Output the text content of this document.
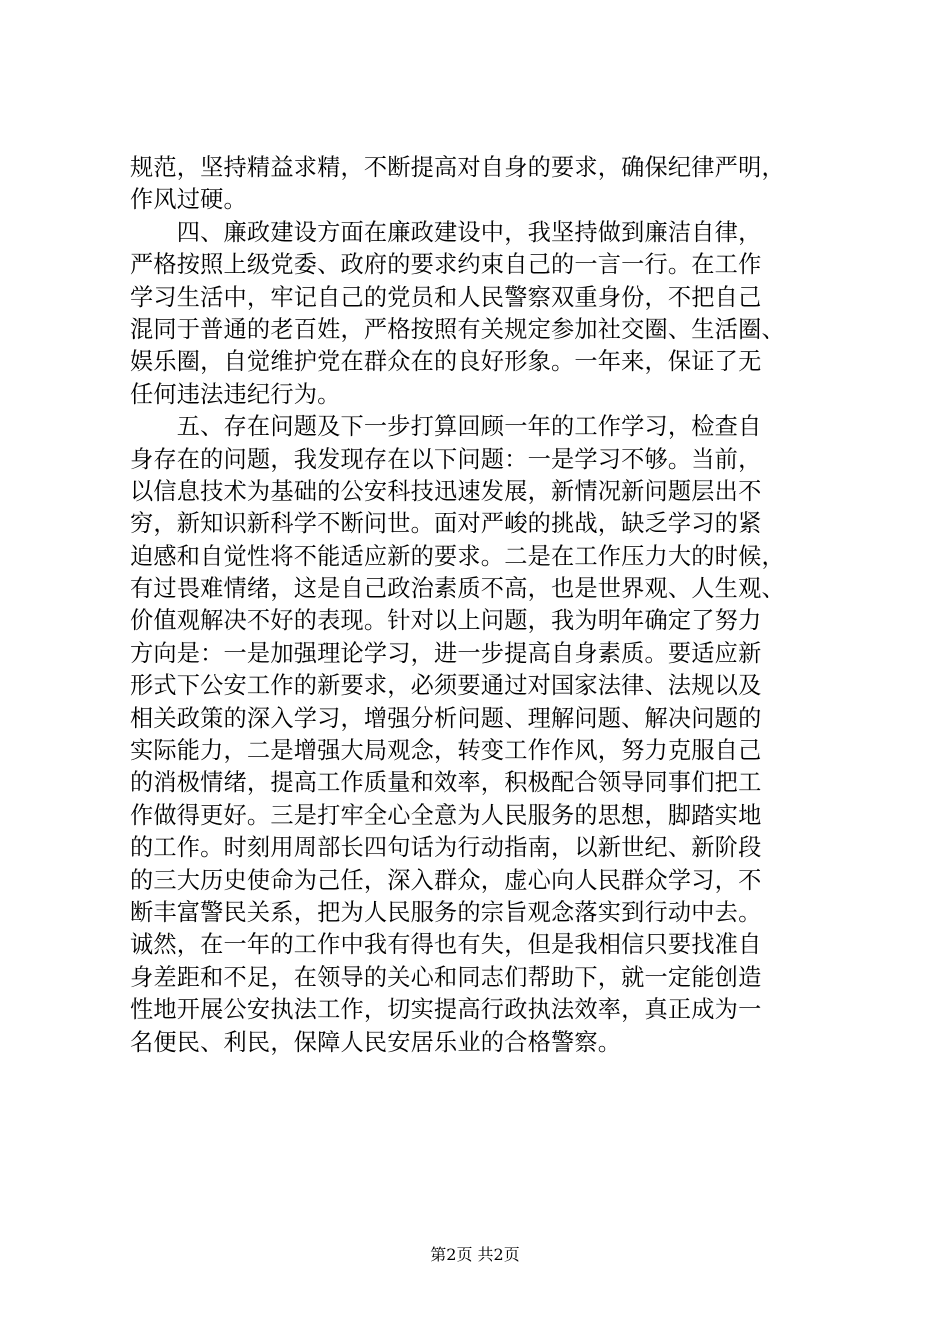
规范，坚持精益求精，不断提高对自身的要求，确保纪律严明，
作风过硬。
　　四、廉政建设方面在廉政建设中，我坚持做到廉洁自律，
严格按照上级党委、政府的要求约束自己的一言一行。在工作
学习生活中，牢记自己的党员和人民警察双重身份，不把自己
混同于普通的老百姓，严格按照有关规定参加社交圈、生活圈、
娱乐圈，自觉维护党在群众在的良好形象。一年来，保证了无
任何违法违纪行为。
　　五、存在问题及下一步打算回顾一年的工作学习，检查自
身存在的问题，我发现存在以下问题：一是学习不够。当前，
以信息技术为基础的公安科技迅速发展，新情况新问题层出不
穷，新知识新科学不断问世。面对严峻的挑战，缺乏学习的紧
迫感和自觉性将不能适应新的要求。二是在工作压力大的时候，
有过畏难情绪，这是自己政治素质不高，也是世界观、人生观、
价值观解决不好的表现。针对以上问题，我为明年确定了努力
方向是：一是加强理论学习，进一步提高自身素质。要适应新
形式下公安工作的新要求，必须要通过对国家法律、法规以及
相关政策的深入学习，增强分析问题、理解问题、解决问题的
实际能力，二是增强大局观念，转变工作作风，努力克服自己
的消极情绪，提高工作质量和效率，积极配合领导同事们把工
作做得更好。三是打牢全心全意为人民服务的思想，脚踏实地
的工作。时刻用周部长四句话为行动指南，以新世纪、新阶段
的三大历史使命为己任，深入群众，虚心向人民群众学习，不
断丰富警民关系，把为人民服务的宗旨观念落实到行动中去。
诚然，在一年的工作中我有得也有失，但是我相信只要找准自
身差距和不足，在领导的关心和同志们帮助下，就一定能创造
性地开展公安执法工作，切实提高行政执法效率，真正成为一
名便民、利民，保障人民安居乐业的合格警察。
第2页 共2页
